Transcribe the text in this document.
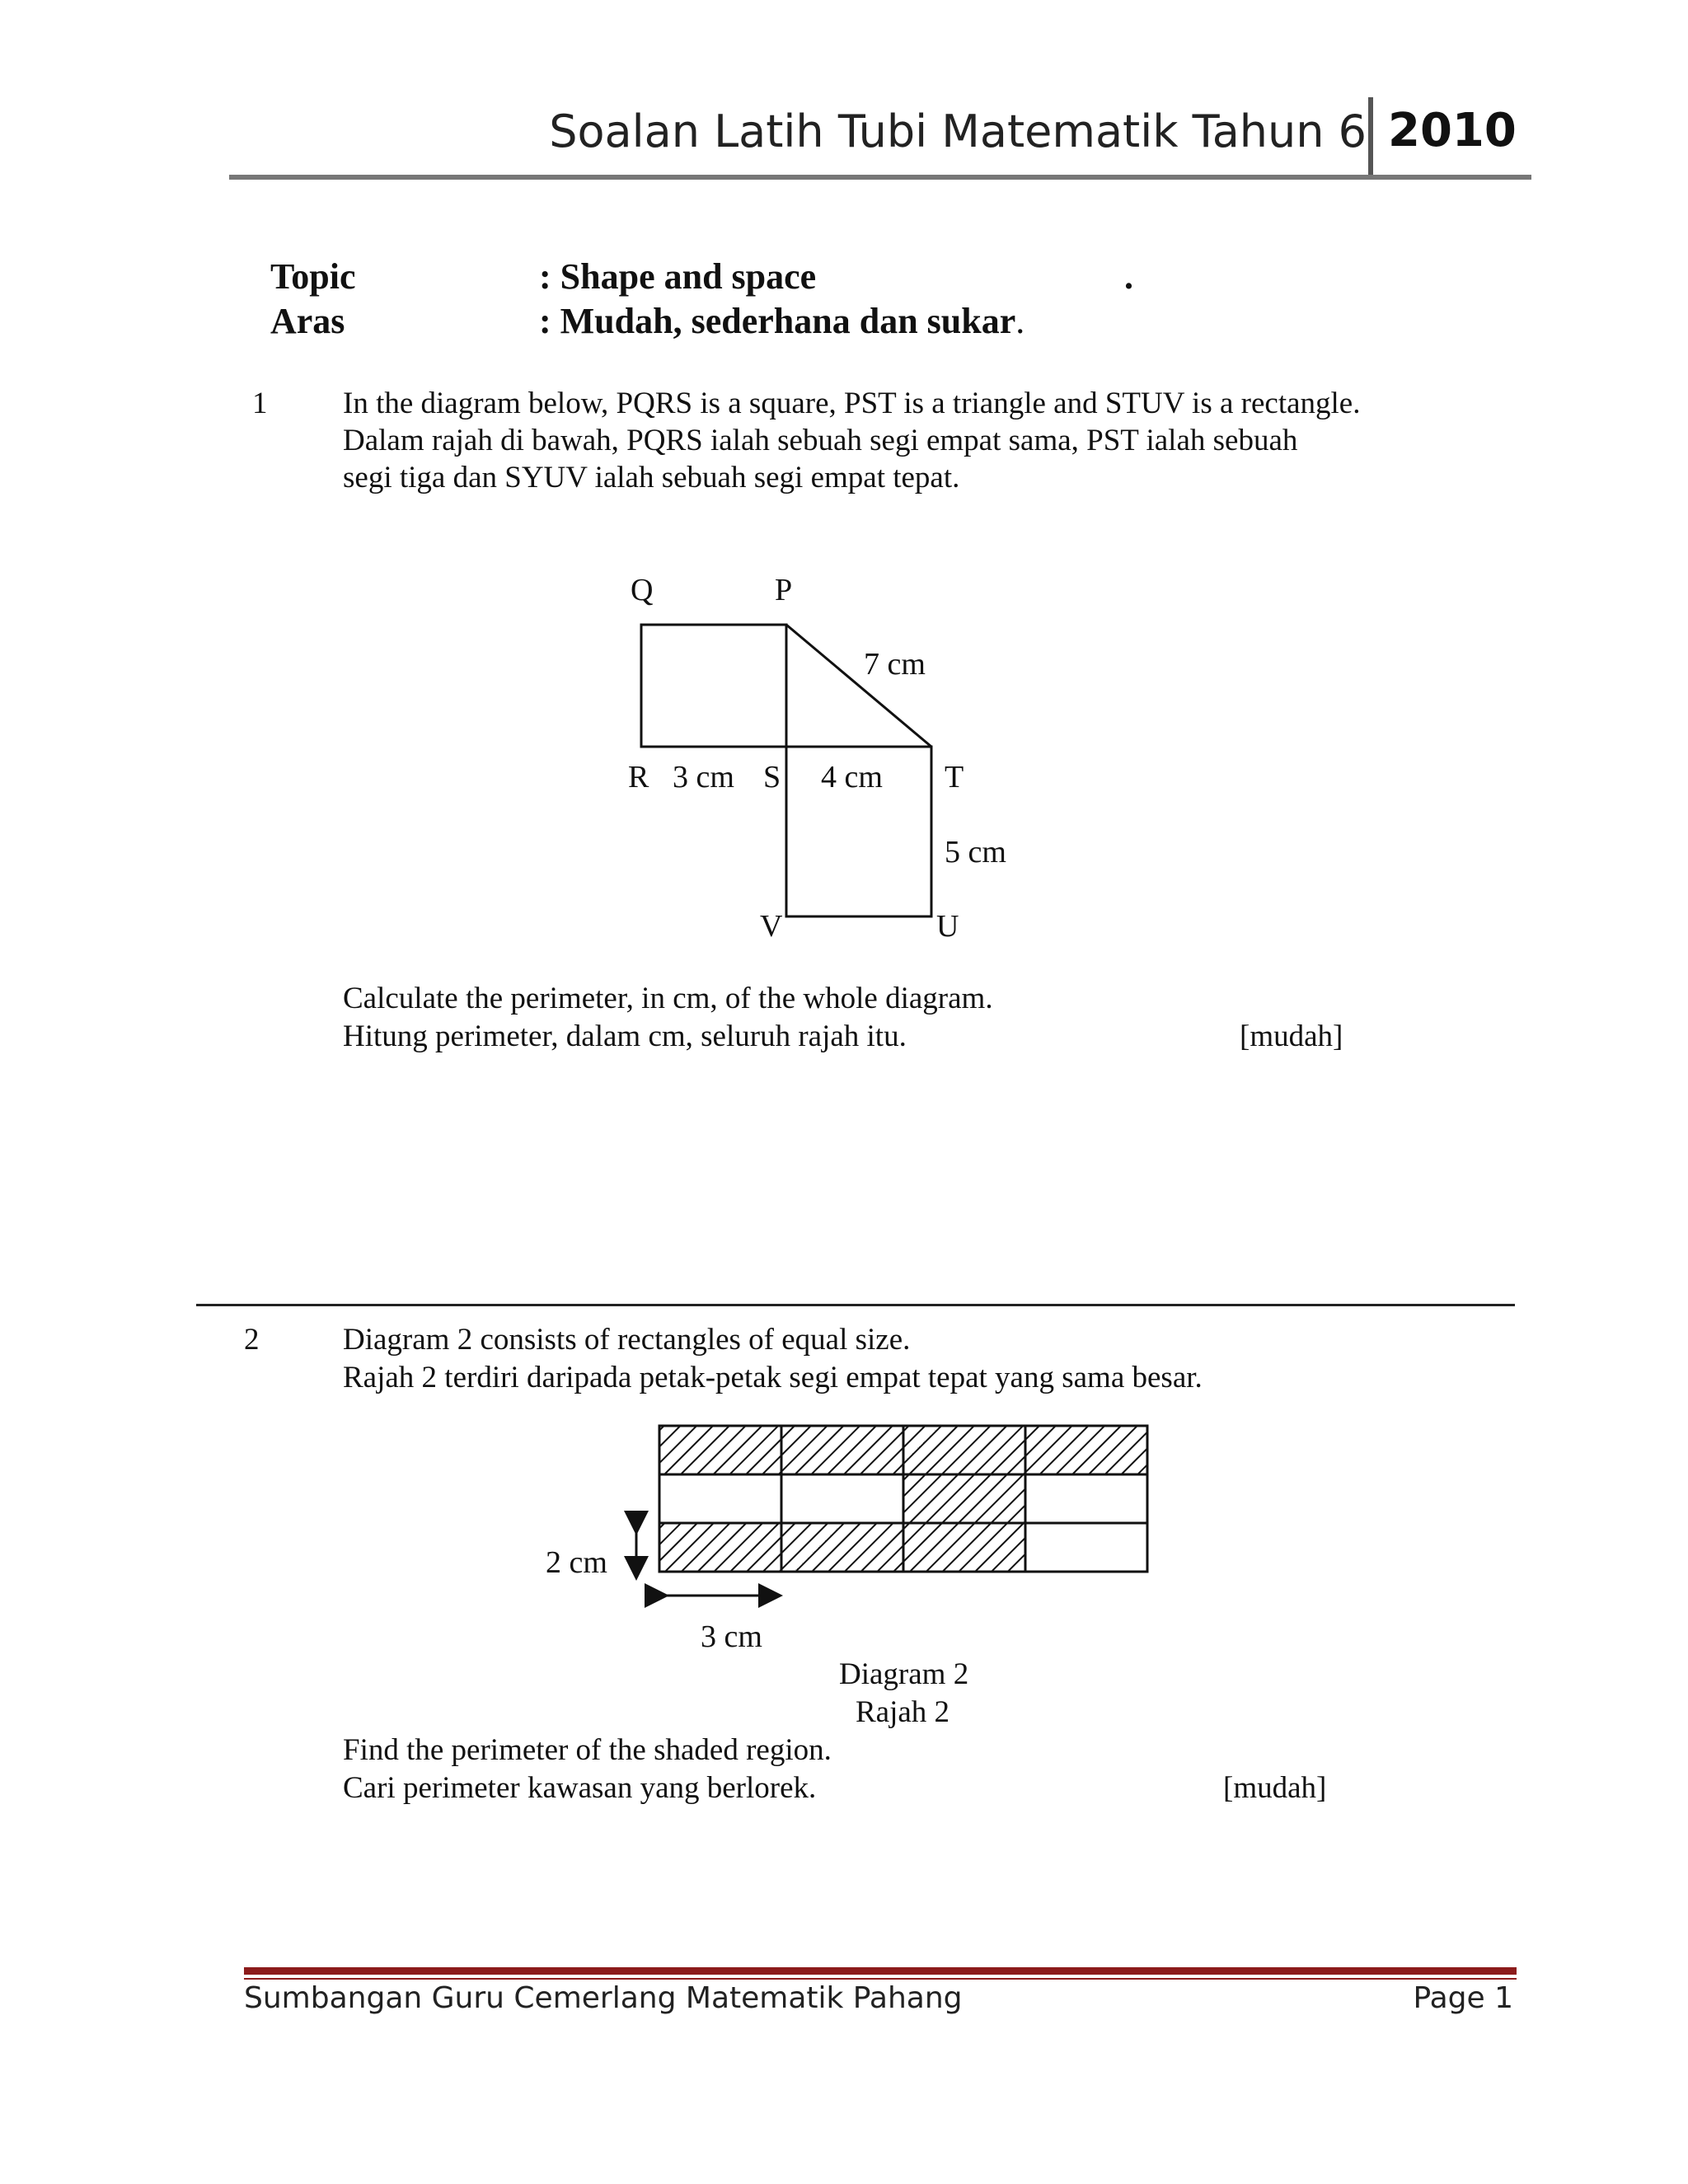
Soalan Latih Tubi Matematik Tahun 6 2010
Topic	: Shape and space	.
Aras	: Mudah, sederhana dan sukar.
1 In the diagram below, PQRS is a square, PST is a triangle and STUV is a rectangle.
Dalam rajah di bawah, PQRS ialah sebuah segi empat sama, PST ialah sebuah
segi tiga dan SYUV ialah sebuah segi empat tepat.
Q	P
R	S	T
V	U
7 cm
3 cm	4 cm
5 cm
Calculate the perimeter, in cm, of the whole diagram.
Hitung perimeter, dalam cm, seluruh rajah itu.	[mudah]
2	Diagram 2 consists of rectangles of equal size.
Rajah 2 terdiri daripada petak-petak segi empat tepat yang sama besar.
2 cm
3 cm
Diagram 2
Rajah 2
Find the perimeter of the shaded region.
Cari perimeter kawasan yang berlorek.	[mudah]
Sumbangan Guru Cemerlang Matematik Pahang	Page 1
